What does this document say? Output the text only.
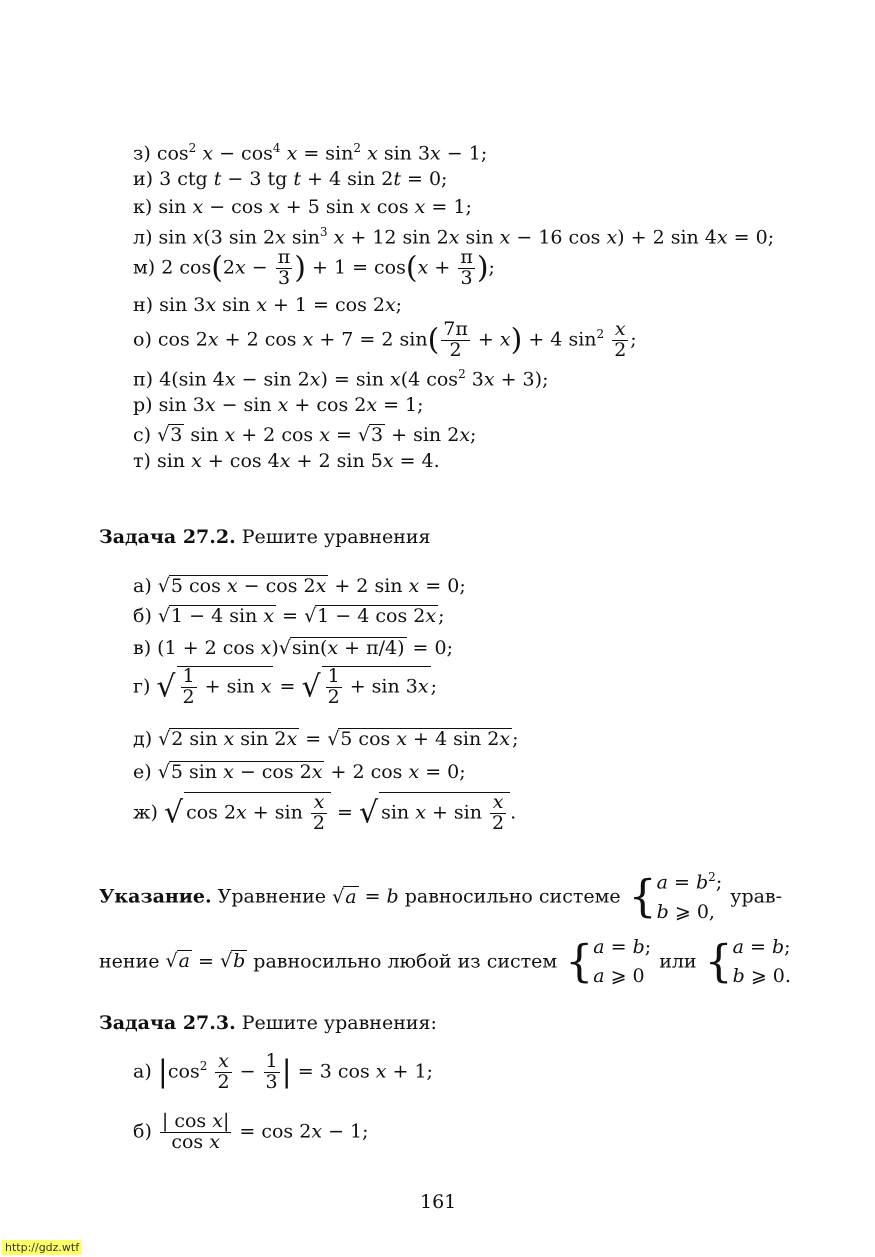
з) $\cos^2 x - \cos^4 x = \sin^2 x$ sin 3x − 1;
и) 3 ctg t − 3 tg t + 4 sin 2t = 0;
к) sin x − cos x + 5 sin x cos x = 1;
л) sin x(3 sin 2x $\sin^3 x + 12$ sin 2x sin x − 16 cos x) + 2 sin 4x = 0;
м) 2 $\cos(2x - \frac{\pi}{3}$ ) + $1 = \cos(x + \frac{\pi}{3}$ );
н) sin 3x sin x + 1 = cos 2x;
о) cos 2x + 2 cos x + 7 = 2 $\sin( \frac{7\pi}{2} + x) + 4$ $\sin^2 \frac{x}{2}$ ;
п) 4(sin 4x − sin 2x) = sin x(4 $\cos^2 3x + 3$);
р) sin 3x − sin x + cos 2x = 1;
с) √3 sin x + 2 cos x = √3 + sin 2x;
т) sin x + cos 4x + 2 sin 5x = 4.
Задача 27.2. Решите уравнения
а) √5 cos x − cos 2x + 2 sin x = 0;
б) √1 − 4 sin x = √1 − 4 cos 2x ;
в) (1 + 2 cos x)√sin(x + π/4) = 0;
г) √ $\frac{1}{2} + \sin x$ = √ $\frac{1}{2} + \sin 3x$ ;
д) √2 sin x sin 2x = √5 cos x + 4 sin 2x ;
е) √5 sin x − cos 2x + 2 cos x = 0;
ж) √ $\cos 2x + \sin \frac{x}{2}$ = √ $\sin x + \sin \frac{x}{2}$ .
Указание. Уравнение √a = b равносильно системе {$a = b^2$;
b ⩾ 0, урав-
нение √a = √b равносильно любой из систем {a = b;
a ⩾ 0 или {a = b;
b ⩾ 0.
Задача 27.3. Решите уравнения:
а) $|\cos^2 \frac{x}{2} - \frac{1}{3}$ | = 3 cos x + 1;
$б) \frac{\text{| cos x|}}{\text{cos x}} = \cos 2x - 1$;
161
http://gdz.wtf
